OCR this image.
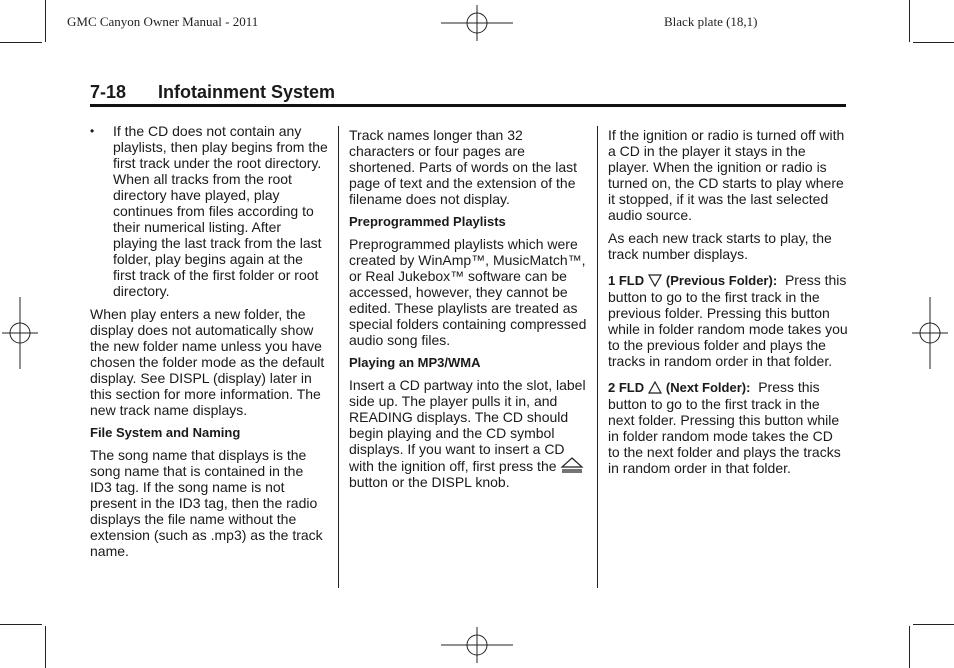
GMC Canyon Owner Manual - 2011	Black plate (18,1)
7-18 Infotainment System
• If the CD does not contain any playlists, then play begins from the first track under the root directory. When all tracks from the root directory have played, play continues from files according to their numerical listing. After playing the last track from the last folder, play begins again at the first track of the first folder or root directory.

When play enters a new folder, the display does not automatically show the new folder name unless you have chosen the folder mode as the default display. See DISPL (display) later in this section for more information. The new track name displays.

File System and Naming

The song name that displays is the song name that is contained in the ID3 tag. If the song name is not present in the ID3 tag, then the radio displays the file name without the extension (such as .mp3) as the track name.

Track names longer than 32 characters or four pages are shortened. Parts of words on the last page of text and the extension of the filename does not display.

Preprogrammed Playlists

Preprogrammed playlists which were created by WinAmp™, MusicMatch™, or Real Jukebox™ software can be accessed, however, they cannot be edited. These playlists are treated as special folders containing compressed audio song files.

Playing an MP3/WMA

Insert a CD partway into the slot, label side up. The player pulls it in, and READING displays. The CD should begin playing and the CD symbol displays. If you want to insert a CD with the ignition off, first press the  button or the DISPL knob.

If the ignition or radio is turned off with a CD in the player it stays in the player. When the ignition or radio is turned on, the CD starts to play where it stopped, if it was the last selected audio source.

As each new track starts to play, the track number displays.

1 FLD (Previous Folder): Press this button to go to the first track in the previous folder. Pressing this button while in folder random mode takes you to the previous folder and plays the tracks in random order in that folder.

2 FLD (Next Folder): Press this button to go to the first track in the next folder. Pressing this button while in folder random mode takes the CD to the next folder and plays the tracks in random order in that folder.
